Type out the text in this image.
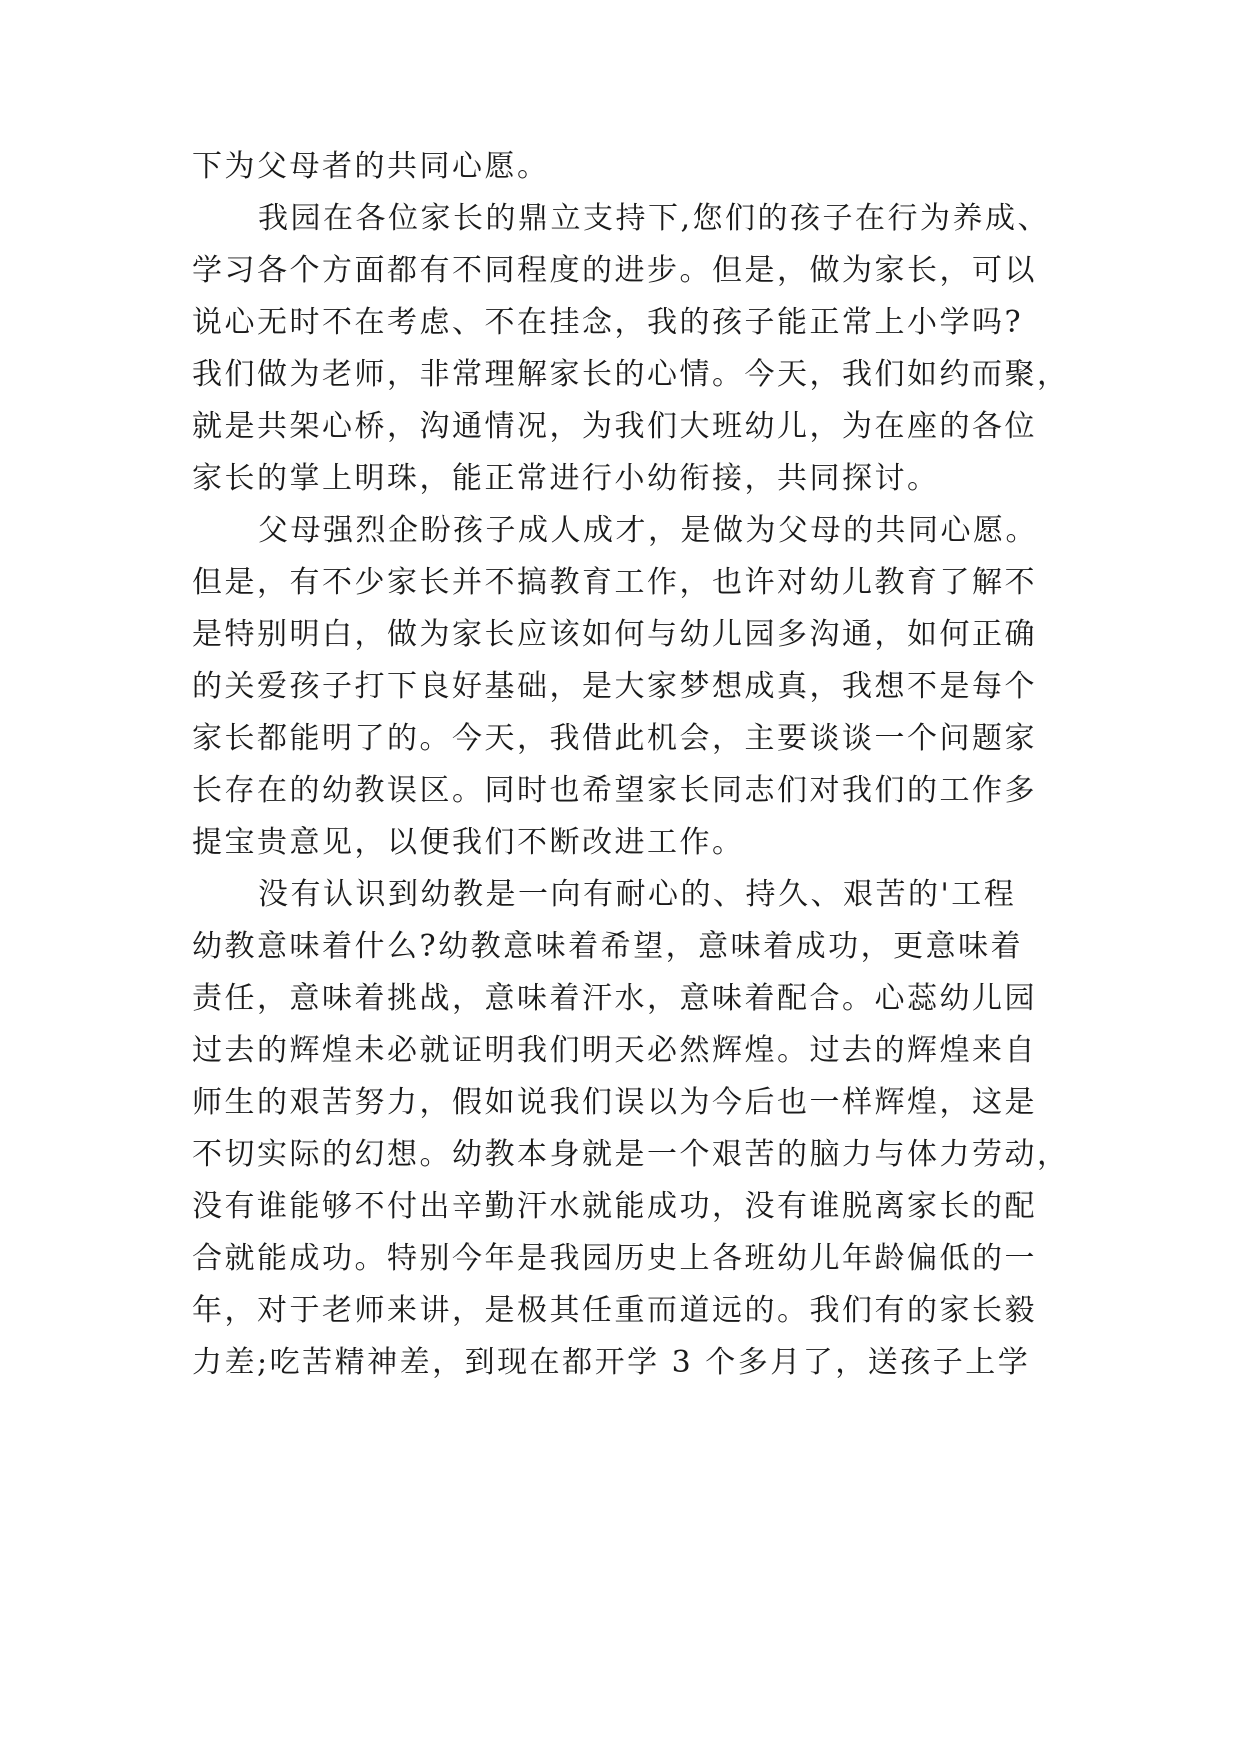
下为父母者的共同心愿。
我园在各位家长的鼎立支持下,您们的孩子在行为养成、
学习各个方面都有不同程度的进步。但是，做为家长，可以
说心无时不在考虑、不在挂念，我的孩子能正常上小学吗?
我们做为老师，非常理解家长的心情。今天，我们如约而聚，
就是共架心桥，沟通情况，为我们大班幼儿，为在座的各位
家长的掌上明珠，能正常进行小幼衔接，共同探讨。
父母强烈企盼孩子成人成才，是做为父母的共同心愿。
但是，有不少家长并不搞教育工作，也许对幼儿教育了解不
是特别明白，做为家长应该如何与幼儿园多沟通，如何正确
的关爱孩子打下良好基础，是大家梦想成真，我想不是每个
家长都能明了的。今天，我借此机会，主要谈谈一个问题家
长存在的幼教误区。同时也希望家长同志们对我们的工作多
提宝贵意见，以便我们不断改进工作。
没有认识到幼教是一向有耐心的、持久、艰苦的'工程
幼教意味着什么?幼教意味着希望，意味着成功，更意味着
责任，意味着挑战，意味着汗水，意味着配合。心蕊幼儿园
过去的辉煌未必就证明我们明天必然辉煌。过去的辉煌来自
师生的艰苦努力，假如说我们误以为今后也一样辉煌，这是
不切实际的幻想。幼教本身就是一个艰苦的脑力与体力劳动，
没有谁能够不付出辛勤汗水就能成功，没有谁脱离家长的配
合就能成功。特别今年是我园历史上各班幼儿年龄偏低的一
年，对于老师来讲，是极其任重而道远的。我们有的家长毅
力差;吃苦精神差，到现在都开学 3 个多月了，送孩子上学
